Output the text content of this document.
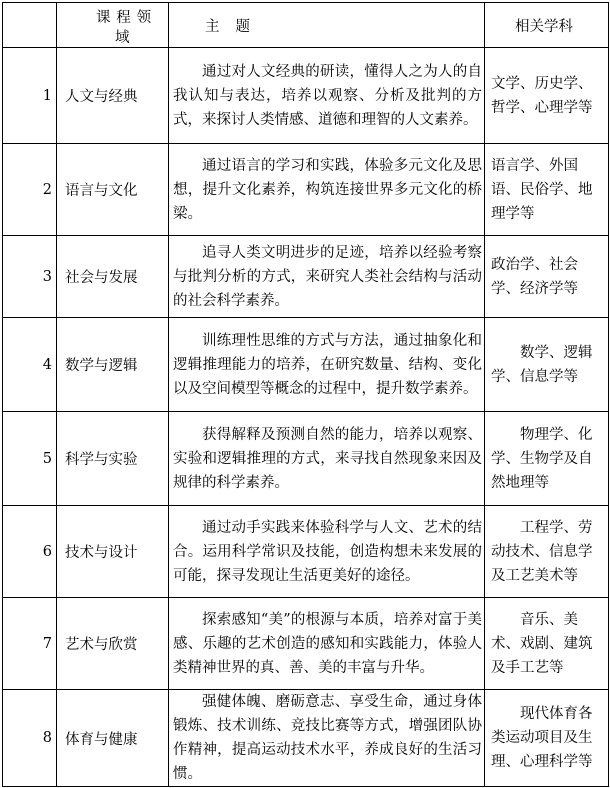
	课程领
域	主题	相关学科
1	人文与经典	通过对人文经典的研读，懂得人之为人的自我认知与表达，培养以观察、分析及批判的方式，来探讨人类情感、道德和理智的人文素养。	文学、历史学、哲学、心理学等
2	语言与文化	通过语言的学习和实践，体验多元文化及思想，提升文化素养，构筑连接世界多元文化的桥梁。	语言学、外国语、民俗学、地理学等
3	社会与发展	追寻人类文明进步的足迹，培养以经验考察与批判分析的方式，来研究人类社会结构与活动的社会科学素养。	政治学、社会学、经济学等
4	数学与逻辑	训练理性思维的方式与方法，通过抽象化和逻辑推理能力的培养，在研究数量、结构、变化以及空间模型等概念的过程中，提升数学素养。	数学、逻辑学、信息学等
5	科学与实验	获得解释及预测自然的能力，培养以观察、实验和逻辑推理的方式，来寻找自然现象来因及规律的科学素养。	物理学、化学、生物学及自然地理等
6	技术与设计	通过动手实践来体验科学与人文、艺术的结合。运用科学常识及技能，创造构想未来发展的可能，探寻发现让生活更美好的途径。	工程学、劳动技术、信息学及工艺美术等
7	艺术与欣赏	探索感知“美”的根源与本质，培养对富于美感、乐趣的艺术创造的感知和实践能力，体验人类精神世界的真、善、美的丰富与升华。	音乐、美术、戏剧、建筑及手工艺等
8	体育与健康	强健体魄、磨砺意志、享受生命，通过身体锻炼、技术训练、竞技比赛等方式，增强团队协作精神，提高运动技术水平，养成良好的生活习惯。	现代体育各类运动项目及生理、心理科学等
